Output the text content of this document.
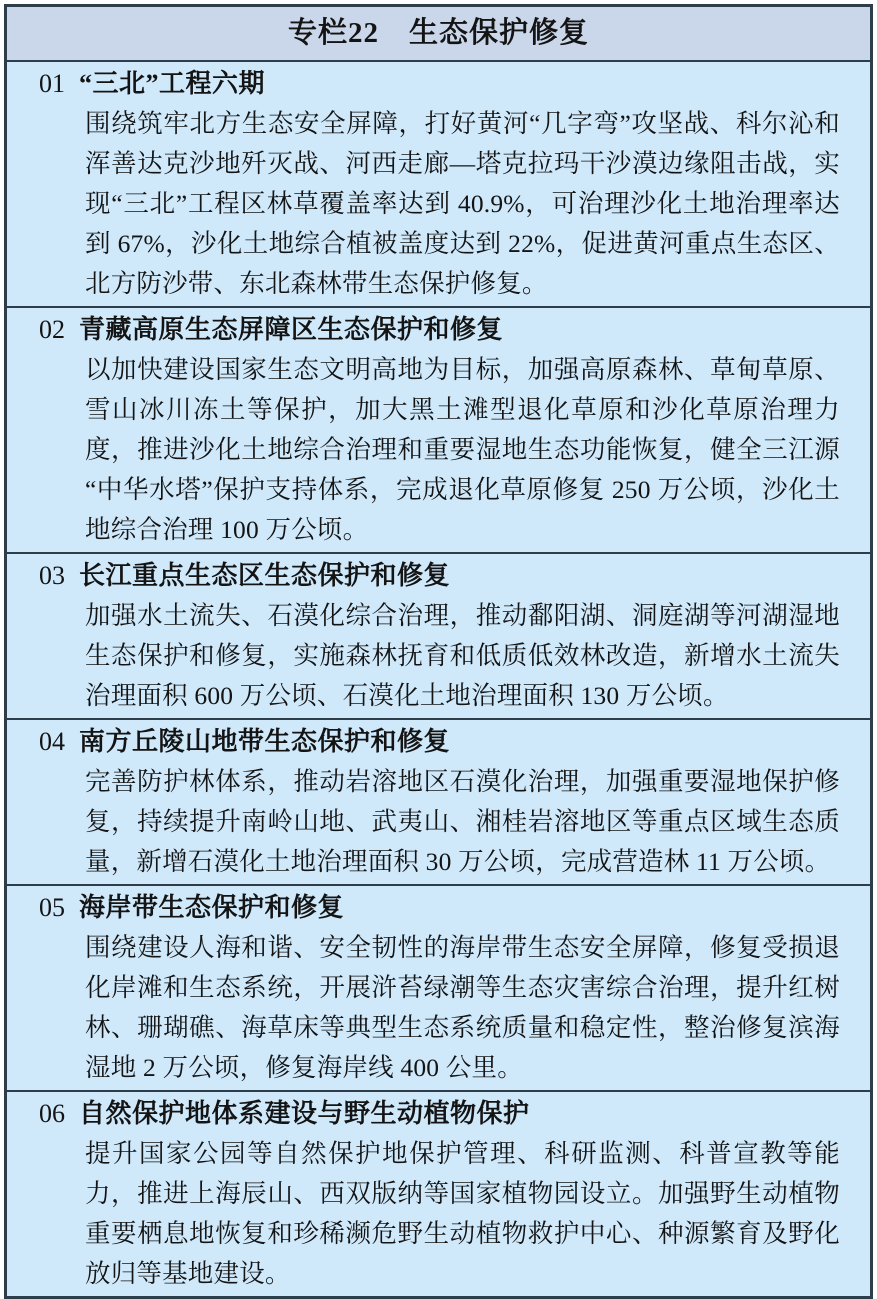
专栏22　生态保护修复
01 “三北”工程六期

围绕筑牢北方生态安全屏障，打好黄河“几字弯”攻坚战、科尔沁和浑善达克沙地歼灭战、河西走廊—塔克拉玛干沙漠边缘阻击战，实现“三北”工程区林草覆盖率达到 40.9%，可治理沙化土地治理率达到 67%，沙化土地综合植被盖度达到 22%，促进黄河重点生态区、北方防沙带、东北森林带生态保护修复。

02 青藏高原生态屏障区生态保护和修复

以加快建设国家生态文明高地为目标，加强高原森林、草甸草原、雪山冰川冻土等保护，加大黑土滩型退化草原和沙化草原治理力度，推进沙化土地综合治理和重要湿地生态功能恢复，健全三江源“中华水塔”保护支持体系，完成退化草原修复 250 万公顷，沙化土地综合治理 100 万公顷。

03 长江重点生态区生态保护和修复

加强水土流失、石漠化综合治理，推动鄱阳湖、洞庭湖等河湖湿地生态保护和修复，实施森林抚育和低质低效林改造，新增水土流失治理面积 600 万公顷、石漠化土地治理面积 130 万公顷。

04 南方丘陵山地带生态保护和修复

完善防护林体系，推动岩溶地区石漠化治理，加强重要湿地保护修复，持续提升南岭山地、武夷山、湘桂岩溶地区等重点区域生态质量，新增石漠化土地治理面积 30 万公顷，完成营造林 11 万公顷。

05 海岸带生态保护和修复

围绕建设人海和谐、安全韧性的海岸带生态安全屏障，修复受损退化岸滩和生态系统，开展浒苔绿潮等生态灾害综合治理，提升红树林、珊瑚礁、海草床等典型生态系统质量和稳定性，整治修复滨海湿地 2 万公顷，修复海岸线 400 公里。

06 自然保护地体系建设与野生动植物保护

提升国家公园等自然保护地保护管理、科研监测、科普宣教等能力，推进上海辰山、西双版纳等国家植物园设立。加强野生动植物重要栖息地恢复和珍稀濒危野生动植物救护中心、种源繁育及野化放归等基地建设。
